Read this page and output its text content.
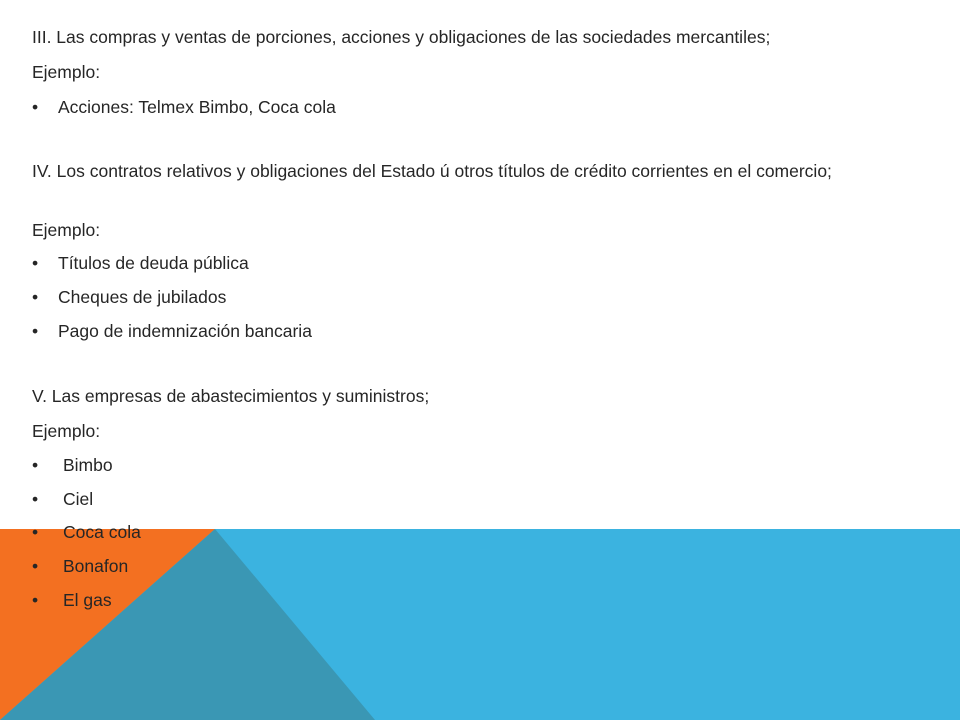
III. Las compras y ventas de porciones, acciones y obligaciones de las sociedades mercantiles;
Ejemplo:
• Acciones: Telmex Bimbo, Coca cola
IV. Los contratos relativos y obligaciones del Estado ú otros títulos de crédito corrientes en el comercio;
Ejemplo:
• Títulos de deuda pública
• Cheques de jubilados
• Pago de indemnización bancaria
V. Las empresas de abastecimientos y suministros;
Ejemplo:
• Bimbo
• Ciel
• Coca cola
• Bonafon
• El gas
